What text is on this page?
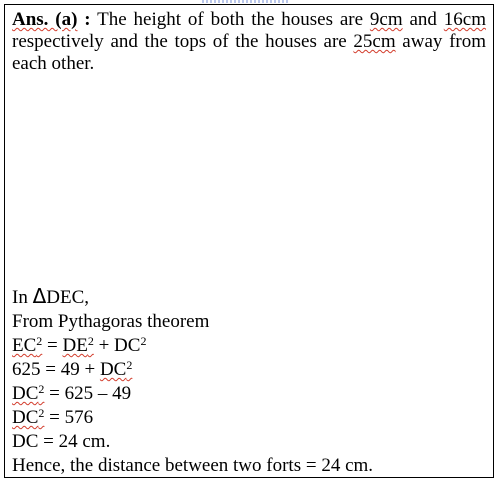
Ans. (a) : The height of both the houses are 9cm and 16cm respectively and the tops of the houses are 25cm away from each other.

In ΔDEC,
From Pythagoras theorem
$EC^2 = DE^2 + DC^2$
$625 = 49 + DC^2$
$DC^2 = 625 - 49$
$DC^2 = 576$
DC = 24 cm.
Hence, the distance between two forts = 24 cm.
